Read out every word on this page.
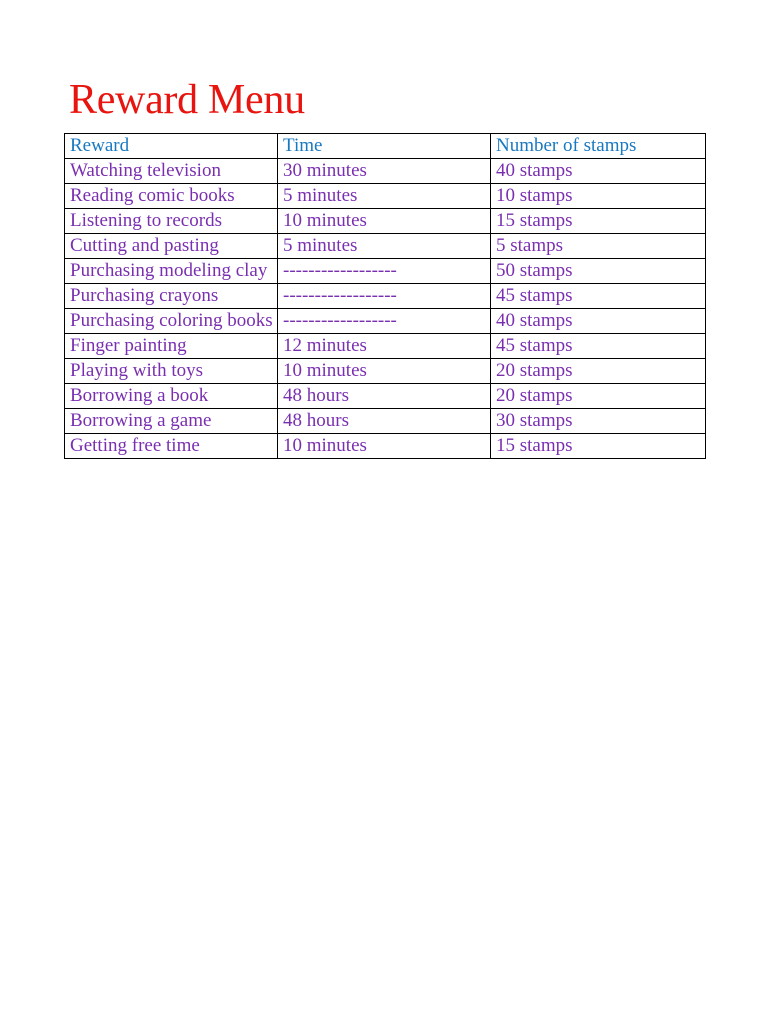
Reward Menu
Reward	Time	Number of stamps
Watching television	30 minutes	40 stamps
Reading comic books	5 minutes	10 stamps
Listening to records	10 minutes	15 stamps
Cutting and pasting	5 minutes	5 stamps
Purchasing modeling clay	------------------	50 stamps
Purchasing crayons	------------------	45 stamps
Purchasing coloring books	------------------	40 stamps
Finger painting	12 minutes	45 stamps
Playing with toys	10 minutes	20 stamps
Borrowing a book	48 hours	20 stamps
Borrowing a game	48 hours	30 stamps
Getting free time	10 minutes	15 stamps
